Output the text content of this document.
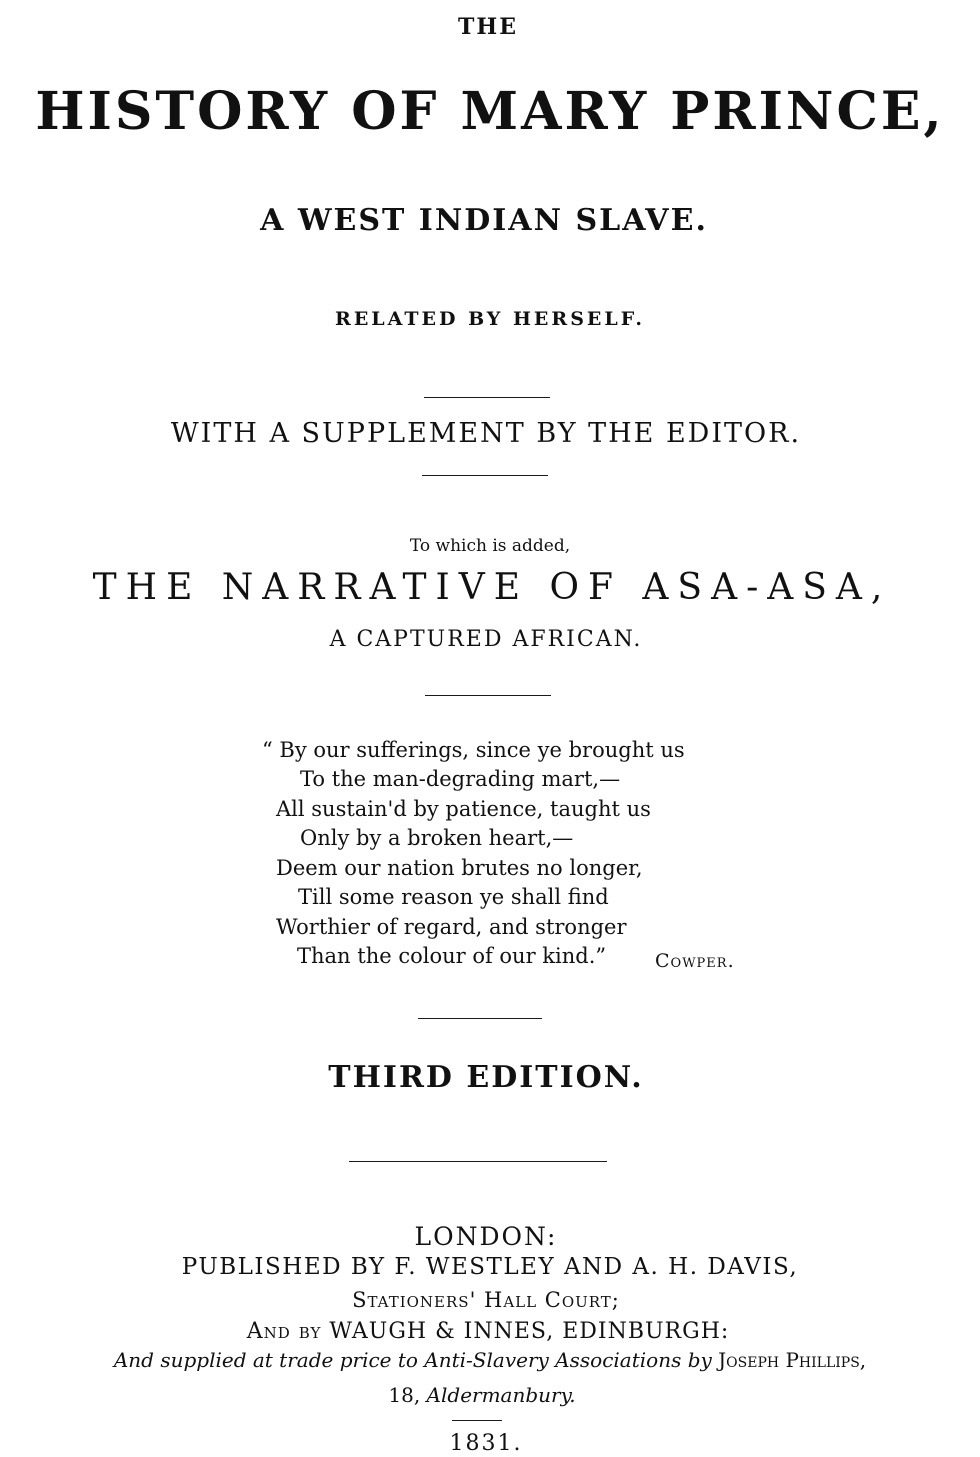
THE
HISTORY OF MARY PRINCE,
A WEST INDIAN SLAVE.
RELATED BY HERSELF.
WITH A SUPPLEMENT BY THE EDITOR.
To which is added,
THE NARRATIVE OF ASA-ASA,
A CAPTURED AFRICAN.
“ By our sufferings, since ye brought us
To the man-degrading mart,—
All sustain'd by patience, taught us
Only by a broken heart,—
Deem our nation brutes no longer,
Till some reason ye shall find
Worthier of regard, and stronger
Than the colour of our kind.”	Cowper.
THIRD EDITION.
LONDON:
PUBLISHED BY F. WESTLEY AND A. H. DAVIS,
Stationers' Hall Court;
And by WAUGH & INNES, EDINBURGH:
And supplied at trade price to Anti-Slavery Associations by Joseph Phillips,
18, Aldermanbury.
1831.
